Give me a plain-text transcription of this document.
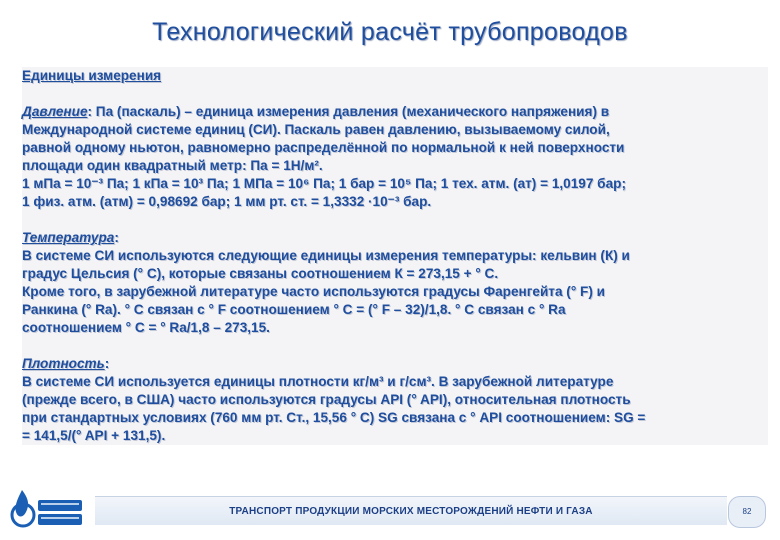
Технологический расчёт трубопроводов

Единицы измерения

Давление: Па (паскаль) – единица измерения давления (механического напряжения) в
Международной системе единиц (СИ). Паскаль равен давлению, вызываемому силой,
равной одному ньютон, равномерно распределённой по нормальной к ней поверхности
площади один квадратный метр: Па = 1Н/м².
1 мПа = 10⁻³ Па; 1 кПа = 10³ Па; 1 МПа = 10⁶ Па; 1 бар = 10⁵ Па; 1 тех. атм. (ат) = 1,0197 бар;
1 физ. атм. (атм) = 0,98692 бар; 1 мм рт. ст. = 1,3332 ·10⁻³ бар.

Температура:
В системе СИ используются следующие единицы измерения температуры: кельвин (К) и
градус Цельсия (° С), которые связаны соотношением К = 273,15 + ° С.
Кроме того, в зарубежной литературе часто используются градусы Фаренгейта (° F) и
Ранкина (° Ra). ° С связан с ° F соотношением ° С = (° F – 32)/1,8. ° С связан с ° Ra
соотношением ° С = ° Ra/1,8 – 273,15.

Плотность:
В системе СИ используется единицы плотности кг/м³ и г/см³. В зарубежной литературе
(прежде всего, в США) часто используются градусы API (° API), относительная плотность
при стандартных условиях (760 мм рт. Ст., 15,56 ° С) SG связана с ° API соотношением: SG =
= 141,5/(° API + 131,5).

ТРАНСПОРТ ПРОДУКЦИИ МОРСКИХ МЕСТОРОЖДЕНИЙ НЕФТИ И ГАЗА	82
